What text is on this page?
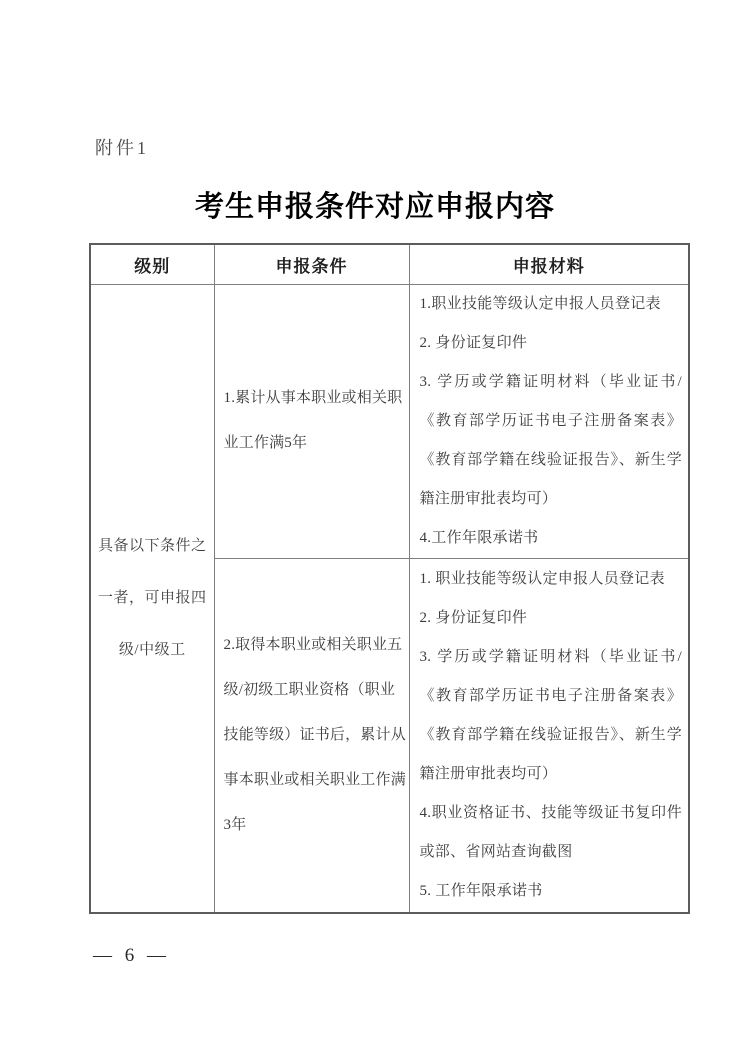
附件1
考生申报条件对应申报内容
级别	申报条件	申报材料

具备以下条件之一者，可申报四级/中级工	1.累计从事本职业或相关职业工作满5年	1.职业技能等级认定申报人员登记表
2. 身份证复印件
3. 学历或学籍证明材料（毕业证书/《教育部学历证书电子注册备案表》《教育部学籍在线验证报告》、新生学籍注册审批表均可）
4.工作年限承诺书

	2.取得本职业或相关职业五级/初级工职业资格（职业技能等级）证书后，累计从事本职业或相关职业工作满3年	1. 职业技能等级认定申报人员登记表
2. 身份证复印件
3. 学历或学籍证明材料（毕业证书/《教育部学历证书电子注册备案表》《教育部学籍在线验证报告》、新生学籍注册审批表均可）
4.职业资格证书、技能等级证书复印件或部、省网站查询截图
5. 工作年限承诺书
— 6 —
